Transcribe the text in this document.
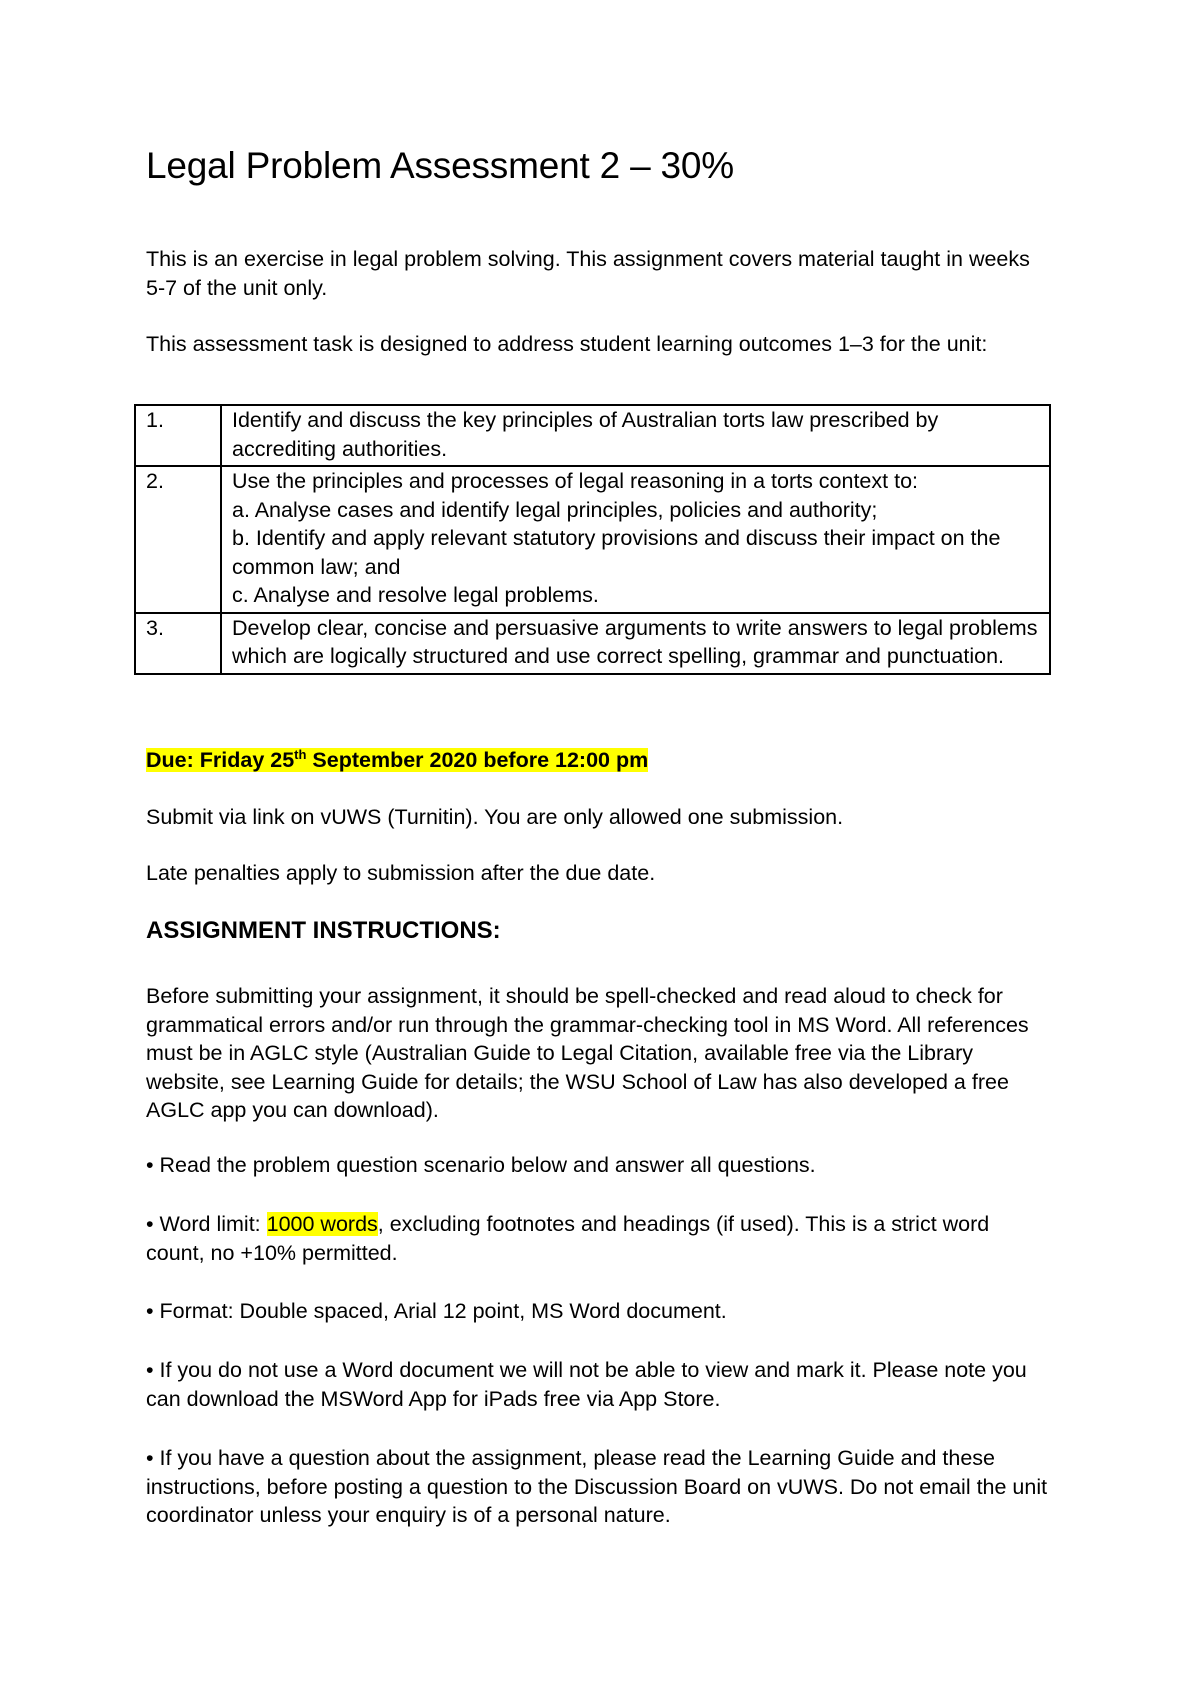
Legal Problem Assessment 2 – 30%

This is an exercise in legal problem solving. This assignment covers material taught in weeks 5-7 of the unit only.

This assessment task is designed to address student learning outcomes 1–3 for the unit:

1.	Identify and discuss the key principles of Australian torts law prescribed by accrediting authorities.

2.	Use the principles and processes of legal reasoning in a torts context to:
a. Analyse cases and identify legal principles, policies and authority;
b. Identify and apply relevant statutory provisions and discuss their impact on the common law; and
c. Analyse and resolve legal problems.

3.	Develop clear, concise and persuasive arguments to write answers to legal problems which are logically structured and use correct spelling, grammar and punctuation.

Due: Friday 25th September 2020 before 12:00 pm

Submit via link on vUWS (Turnitin). You are only allowed one submission.

Late penalties apply to submission after the due date.

ASSIGNMENT INSTRUCTIONS:

Before submitting your assignment, it should be spell-checked and read aloud to check for grammatical errors and/or run through the grammar-checking tool in MS Word. All references must be in AGLC style (Australian Guide to Legal Citation, available free via the Library website, see Learning Guide for details; the WSU School of Law has also developed a free AGLC app you can download).

• Read the problem question scenario below and answer all questions.

• Word limit: 1000 words, excluding footnotes and headings (if used). This is a strict word count, no +10% permitted.

• Format: Double spaced, Arial 12 point, MS Word document.

• If you do not use a Word document we will not be able to view and mark it. Please note you can download the MSWord App for iPads free via App Store.

• If you have a question about the assignment, please read the Learning Guide and these instructions, before posting a question to the Discussion Board on vUWS. Do not email the unit coordinator unless your enquiry is of a personal nature.
